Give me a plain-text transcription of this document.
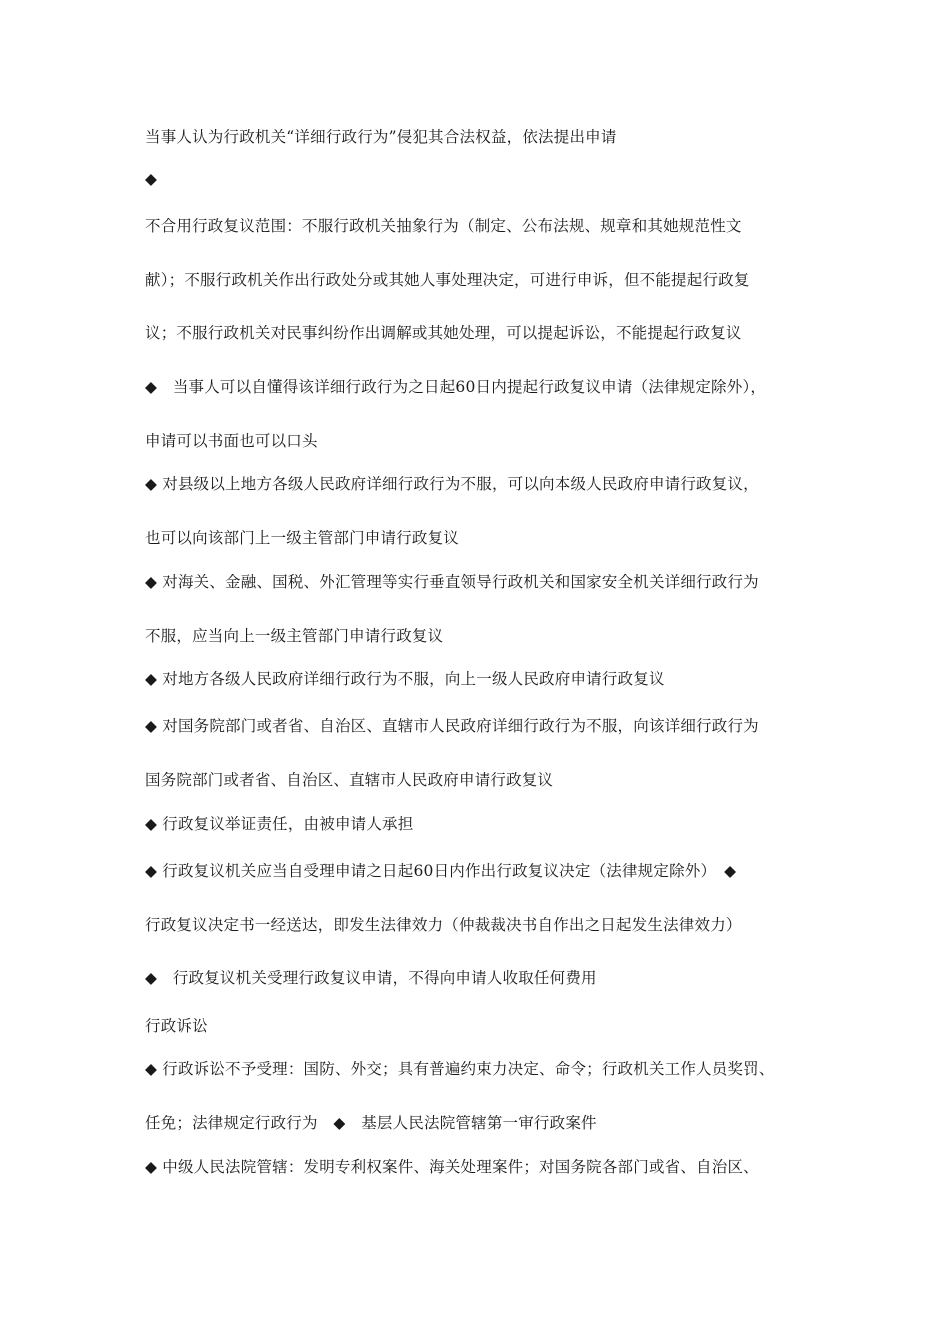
当事人认为行政机关“详细行政行为”侵犯其合法权益，依法提出申请
◆
不合用行政复议范围：不服行政机关抽象行为（制定、公布法规、规章和其她规范性文
献）；不服行政机关作出行政处分或其她人事处理决定，可进行申诉，但不能提起行政复
议；不服行政机关对民事纠纷作出调解或其她处理，可以提起诉讼，不能提起行政复议
◆　当事人可以自懂得该详细行政行为之日起60日内提起行政复议申请（法律规定除外），
申请可以书面也可以口头
◆ 对县级以上地方各级人民政府详细行政行为不服，可以向本级人民政府申请行政复议，
也可以向该部门上一级主管部门申请行政复议
◆ 对海关、金融、国税、外汇管理等实行垂直领导行政机关和国家安全机关详细行政行为
不服，应当向上一级主管部门申请行政复议
◆ 对地方各级人民政府详细行政行为不服，向上一级人民政府申请行政复议
◆ 对国务院部门或者省、自治区、直辖市人民政府详细行政行为不服，向该详细行政行为
国务院部门或者省、自治区、直辖市人民政府申请行政复议
◆ 行政复议举证责任，由被申请人承担
◆ 行政复议机关应当自受理申请之日起60日内作出行政复议决定（法律规定除外）　◆
行政复议决定书一经送达，即发生法律效力（仲裁裁决书自作出之日起发生法律效力）
◆　行政复议机关受理行政复议申请，不得向申请人收取任何费用
行政诉讼
◆ 行政诉讼不予受理：国防、外交；具有普遍约束力决定、命令；行政机关工作人员奖罚、
任免；法律规定行政行为　◆　基层人民法院管辖第一审行政案件
◆ 中级人民法院管辖：发明专利权案件、海关处理案件；对国务院各部门或省、自治区、
